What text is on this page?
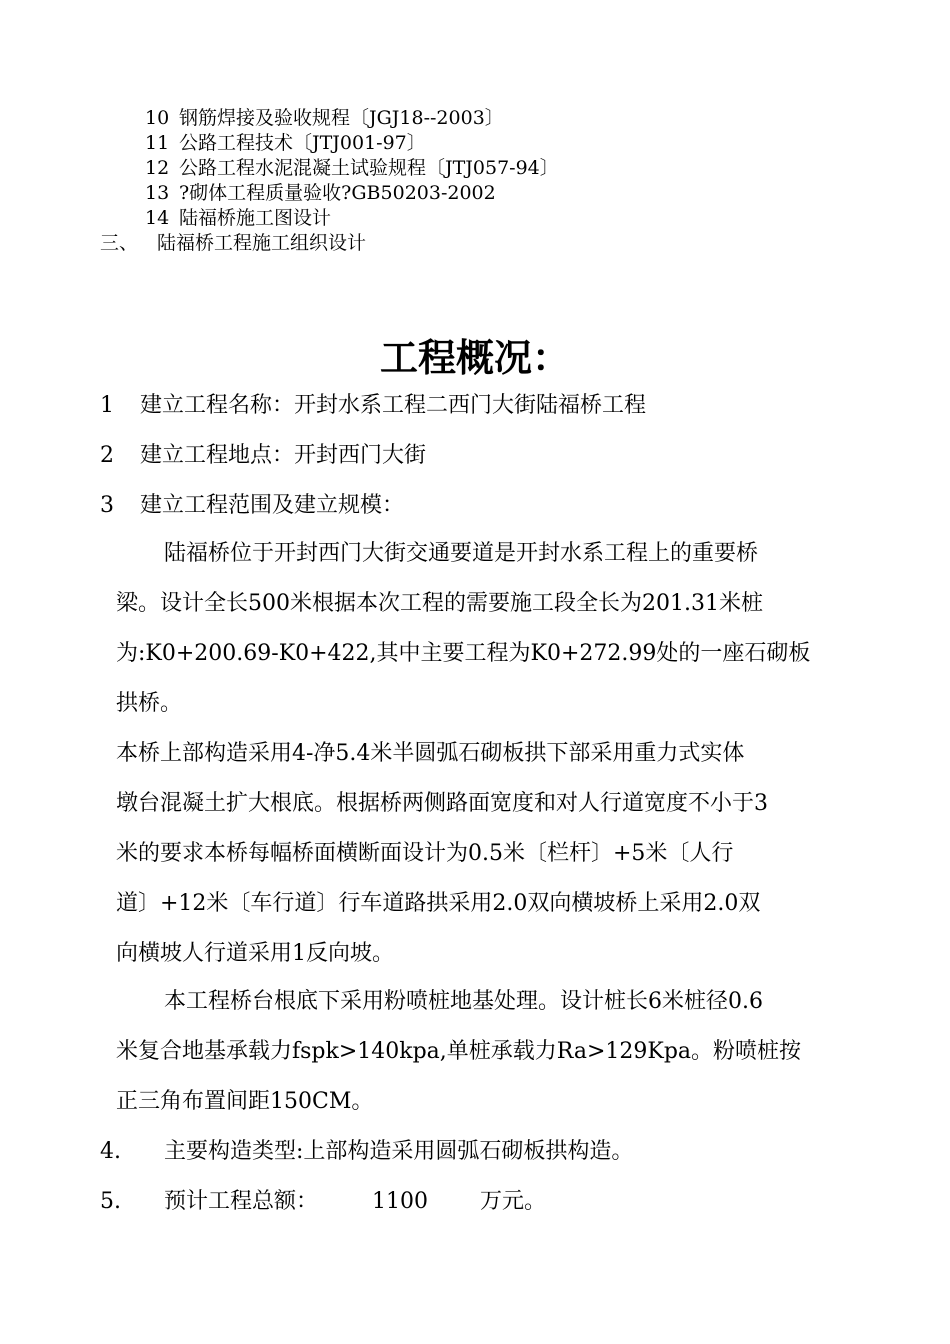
10 钢筋焊接及验收规程〔JGJ18--2003〕
11 公路工程技术〔JTJ001-97〕
12 公路工程水泥混凝土试验规程〔JTJ057-94〕
13 ?砌体工程质量验收?GB50203-2002
14 陆福桥施工图设计
三、 陆福桥工程施工组织设计
工程概况：
1 建立工程名称：开封水系工程二西门大街陆福桥工程
2 建立工程地点：开封西门大街
3 建立工程范围及建立规模：
陆福桥位于开封西门大街交通要道是开封水系工程上的重要桥
梁。设计全长500米根据本次工程的需要施工段全长为201.31米桩
为:K0+200.69-K0+422,其中主要工程为K0+272.99处的一座石砌板
拱桥。
本桥上部构造采用4-净5.4米半圆弧石砌板拱下部采用重力式实体
墩台混凝土扩大根底。根据桥两侧路面宽度和对人行道宽度不小于3
米的要求本桥每幅桥面横断面设计为0.5米〔栏杆〕+5米〔人行
道〕+12米〔车行道〕行车道路拱采用2.0双向横坡桥上采用2.0双
向横坡人行道采用1反向坡。
本工程桥台根底下采用粉喷桩地基处理。设计桩长6米桩径0.6
米复合地基承载力fspk>140kpa,单桩承载力Ra>129Kpa。粉喷桩按
正三角布置间距150CM。
4. 主要构造类型:上部构造采用圆弧石砌板拱构造。
5. 预计工程总额： 1100 万元。
